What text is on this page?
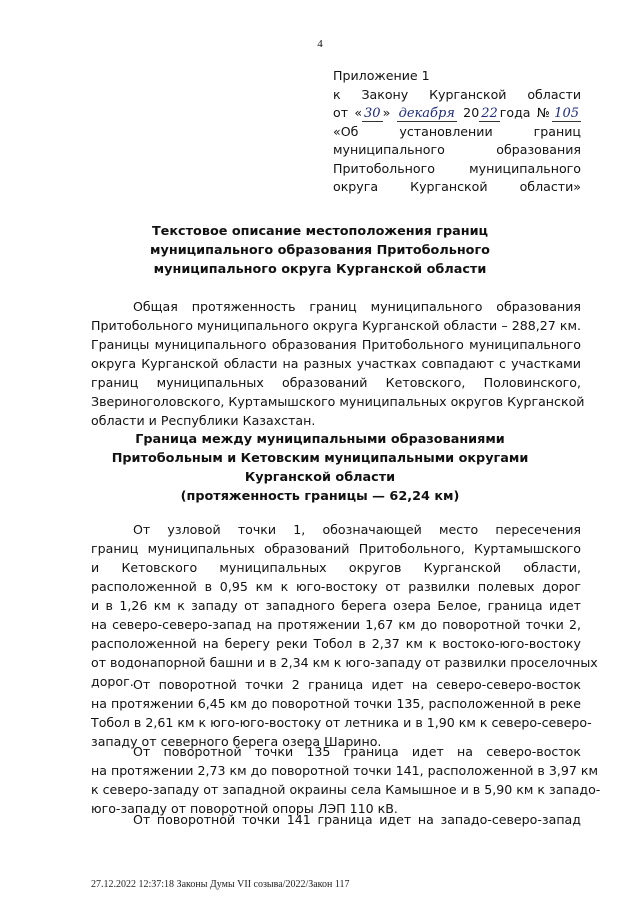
4
Приложение 1
к Закону Курганской области
от « 30 » декабря 20 22 года № 105
«Об установлении границ
муниципального образования
Притобольного муниципального
округа Курганской области»
Текстовое описание местоположения границ
муниципального образования Притобольного
муниципального округа Курганской области
Общая протяженность границ муниципального образования
Притобольного муниципального округа Курганской области – 288,27 км.
Границы муниципального образования Притобольного муниципального
округа Курганской области на разных участках совпадают с участками
границ муниципальных образований Кетовского, Половинского,
Звериноголовского, Куртамышского муниципальных округов Курганской
области и Республики Казахстан.
Граница между муниципальными образованиями
Притобольным и Кетовским муниципальными округами
Курганской области
(протяженность границы — 62,24 км)
От узловой точки 1, обозначающей место пересечения
границ муниципальных образований Притобольного, Куртамышского
и Кетовского муниципальных округов Курганской области,
расположенной в 0,95 км к юго-востоку от развилки полевых дорог
и в 1,26 км к западу от западного берега озера Белое, граница идет
на северо-северо-запад на протяжении 1,67 км до поворотной точки 2,
расположенной на берегу реки Тобол в 2,37 км к востоко-юго-востоку
от водонапорной башни и в 2,34 км к юго-западу от развилки проселочных
дорог. От поворотной точки 2 граница идет на северо-северо-восток
на протяжении 6,45 км до поворотной точки 135, расположенной в реке
Тобол в 2,61 км к юго-юго-востоку от летника и в 1,90 км к северо-северо-
западу от северного берега озера Шарино.
От поворотной точки 135 граница идет на северо-восток
на протяжении 2,73 км до поворотной точки 141, расположенной в 3,97 км
к северо-западу от западной окраины села Камышное и в 5,90 км к западо-
юго-западу от поворотной опоры ЛЭП 110 кВ.
От поворотной точки 141 граница идет на западо-северо-запад
27.12.2022 12:37:18 Законы Думы VII созыва/2022/Закон 117
